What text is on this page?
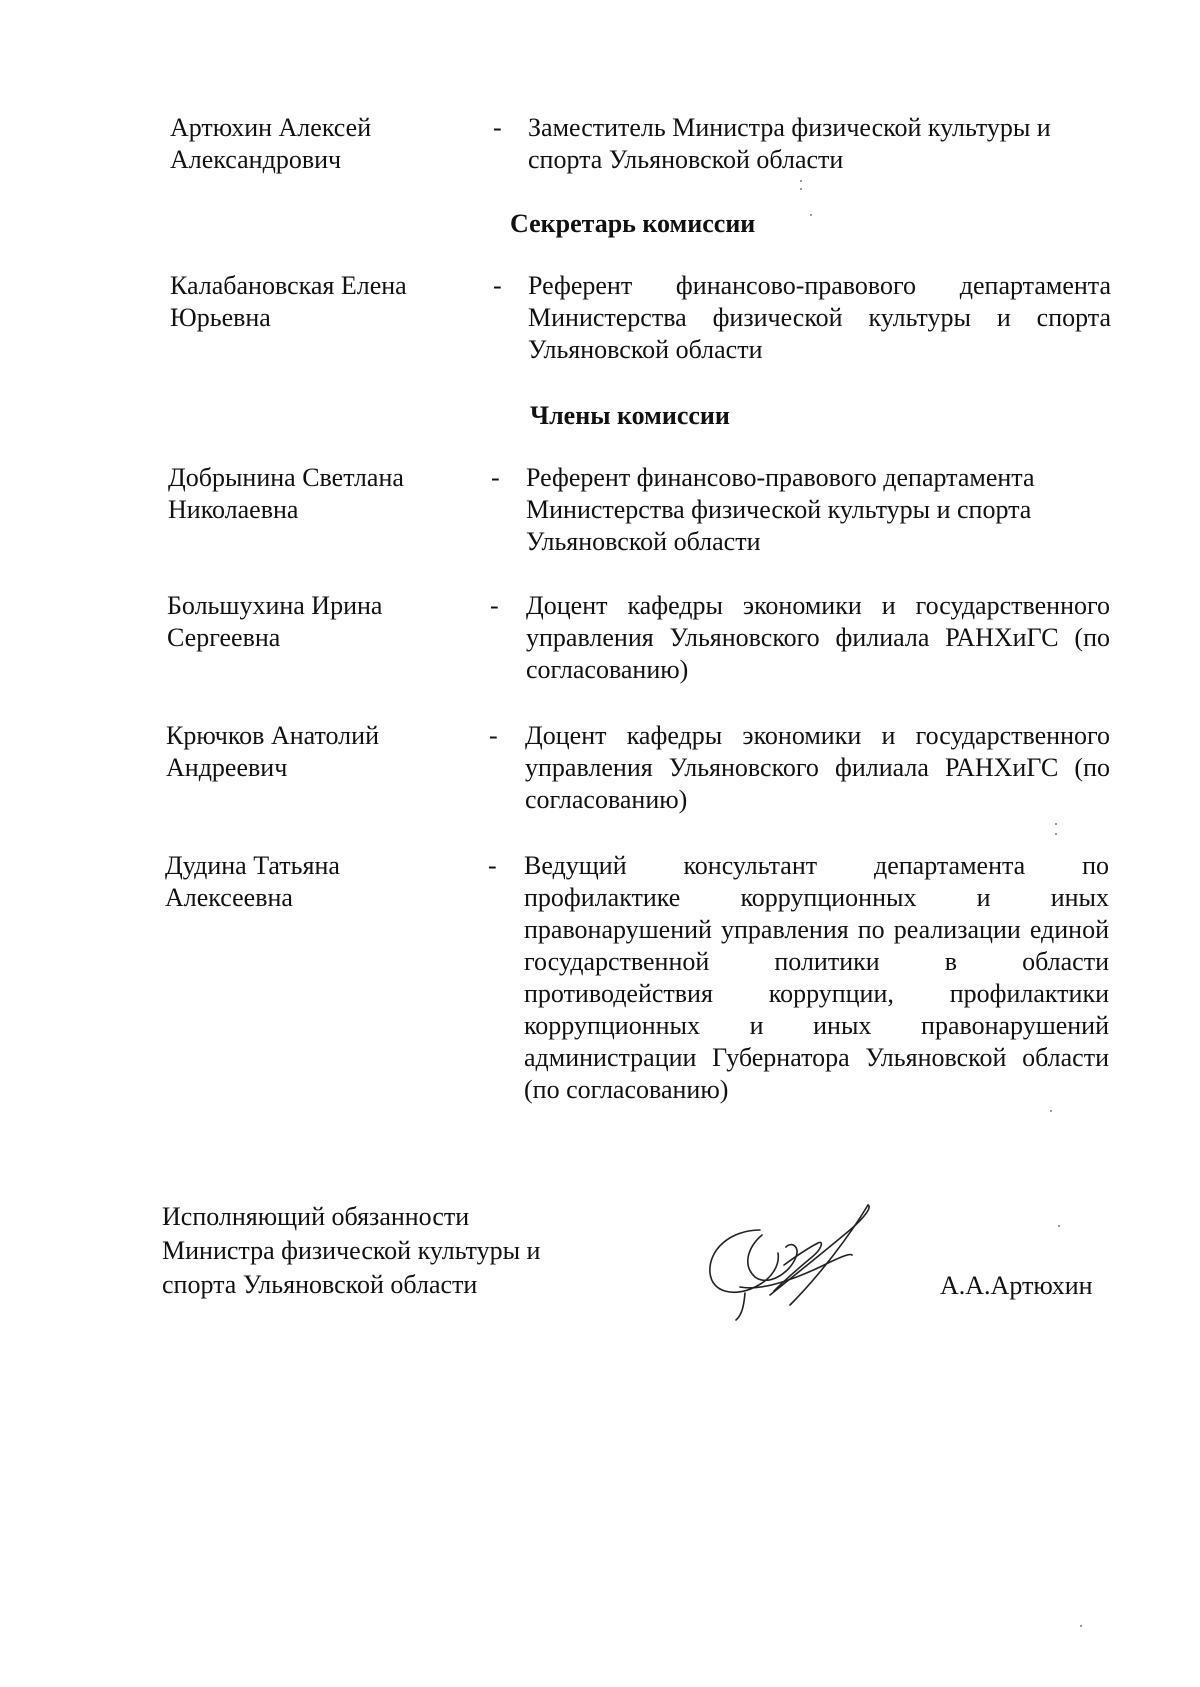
Артюхин Алексей
Александрович
- Заместитель Министра физической культуры и
спорта Ульяновской области
Секретарь комиссии
Калабановская Елена
Юрьевна
- Референт финансово-правового департамента Министерства физической культуры и спорта Ульяновской области
Члены комиссии
Добрынина Светлана
Николаевна
- Референт финансово-правового департамента
Министерства физической культуры и спорта
Ульяновской области
Большухина Ирина
Сергеевна
- Доцент кафедры экономики и государственного управления Ульяновского филиала РАНХиГС (по согласованию)
Крючков Анатолий
Андреевич
- Доцент кафедры экономики и государственного управления Ульяновского филиала РАНХиГС (по согласованию)
Дудина Татьяна
Алексеевна
- Ведущий консультант департамента по профилактике коррупционных и иных правонарушений управления по реализации единой государственной политики в области противодействия коррупции, профилактики коррупционных и иных правонарушений администрации Губернатора Ульяновской области (по согласованию)
Исполняющий обязанности
Министра физической культуры и
спорта Ульяновской области	А.А.Артюхин
